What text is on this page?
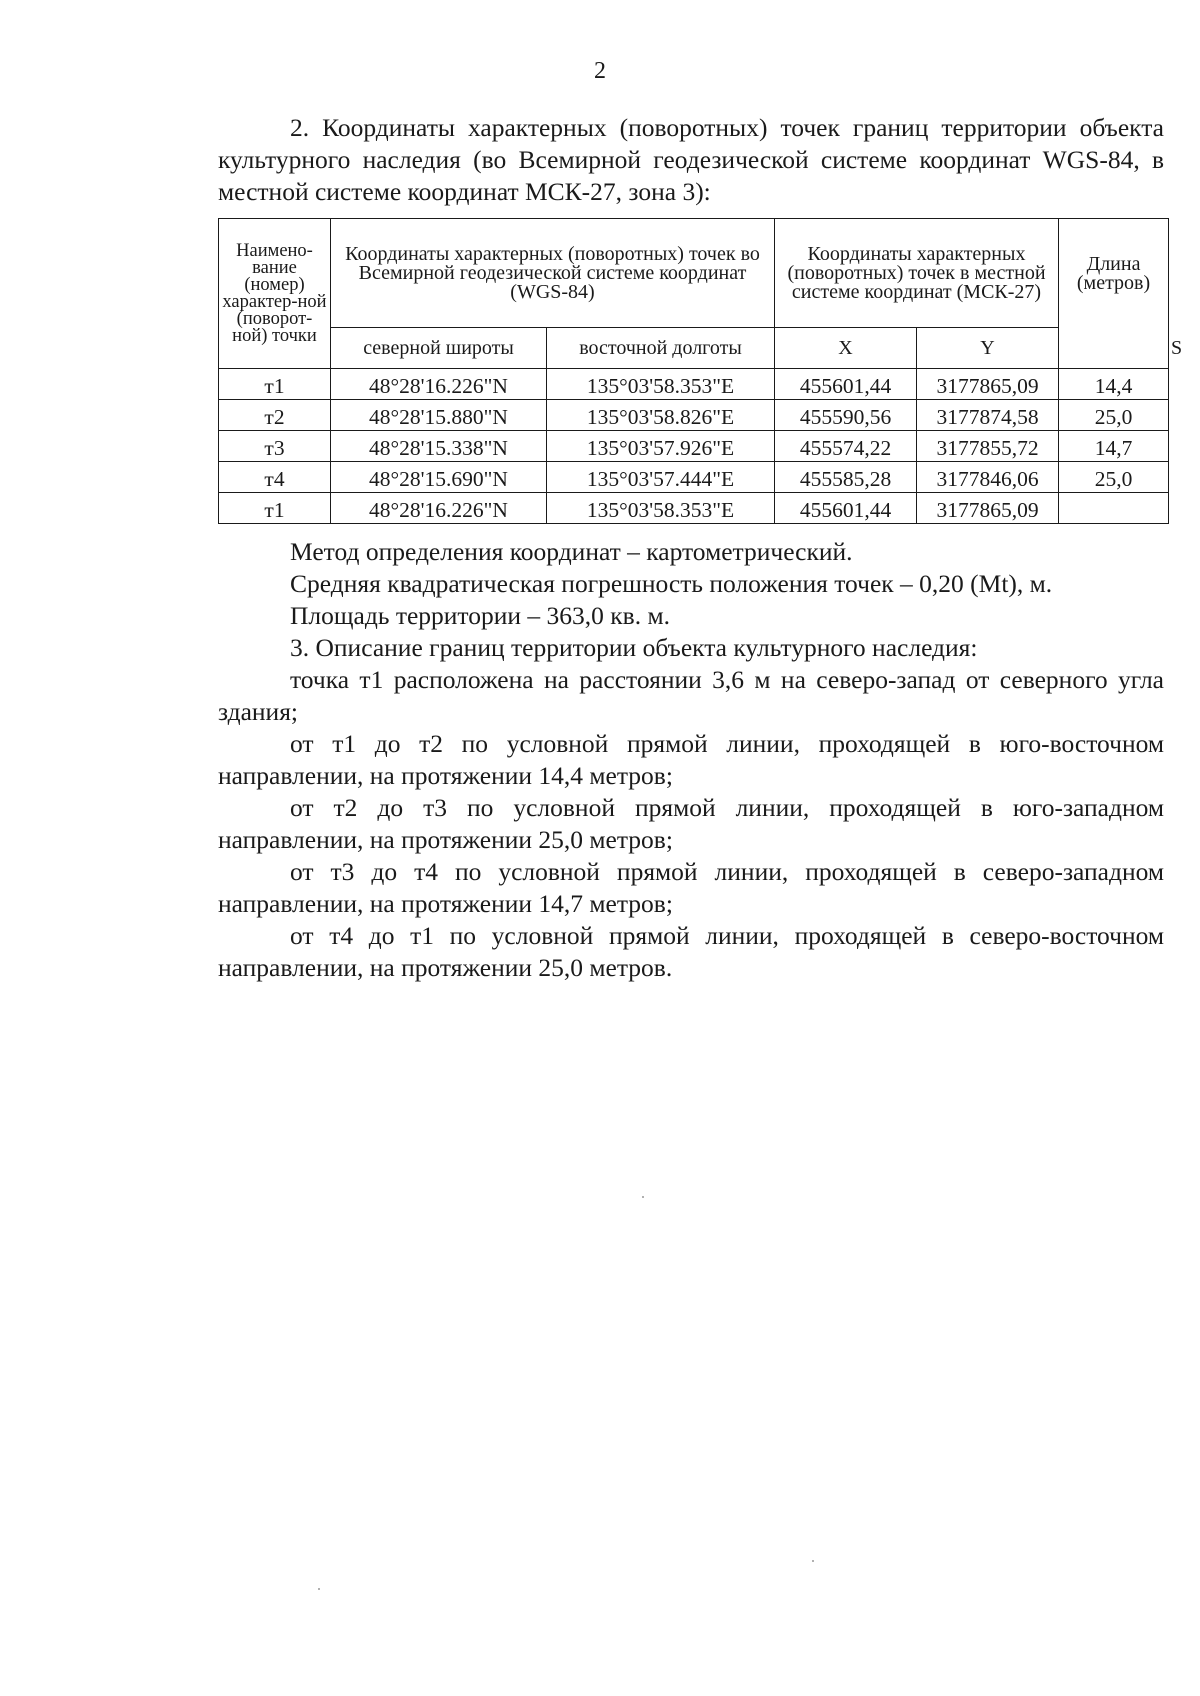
2

2. Координаты характерных (поворотных) точек границ территории объекта культурного наследия (во Всемирной геодезической системе координат WGS-84, в местной системе координат МСК-27, зона 3):

Наимено-вание (номер) характер-ной (поворот-ной) точки	Координаты характерных (поворотных) точек во Всемирной геодезической системе координат (WGS-84)		Координаты характерных (поворотных) точек в местной системе координат (МСК-27)		Длина (метров)	
	северной широты	восточной долготы	X	Y		S
т1	48°28'16.226"N	135°03'58.353"E	455601,44	3177865,09	14,4	
т2	48°28'15.880"N	135°03'58.826"E	455590,56	3177874,58	25,0	
т3	48°28'15.338"N	135°03'57.926"E	455574,22	3177855,72	14,7	
т4	48°28'15.690"N	135°03'57.444"E	455585,28	3177846,06	25,0	
т1	48°28'16.226"N	135°03'58.353"E	455601,44	3177865,09		

Метод определения координат – картометрический.

Средняя квадратическая погрешность положения точек – 0,20 (Mt), м.

Площадь территории – 363,0 кв. м.

3. Описание границ территории объекта культурного наследия:

точка т1 расположена на расстоянии 3,6 м на северо-запад от северного угла здания;

от т1 до т2 по условной прямой линии, проходящей в юго-восточном направлении, на протяжении 14,4 метров;

от т2 до т3 по условной прямой линии, проходящей в юго-западном направлении, на протяжении 25,0 метров;

от т3 до т4 по условной прямой линии, проходящей в северо-западном направлении, на протяжении 14,7 метров;

от т4 до т1 по условной прямой линии, проходящей в северо-восточном направлении, на протяжении 25,0 метров.
